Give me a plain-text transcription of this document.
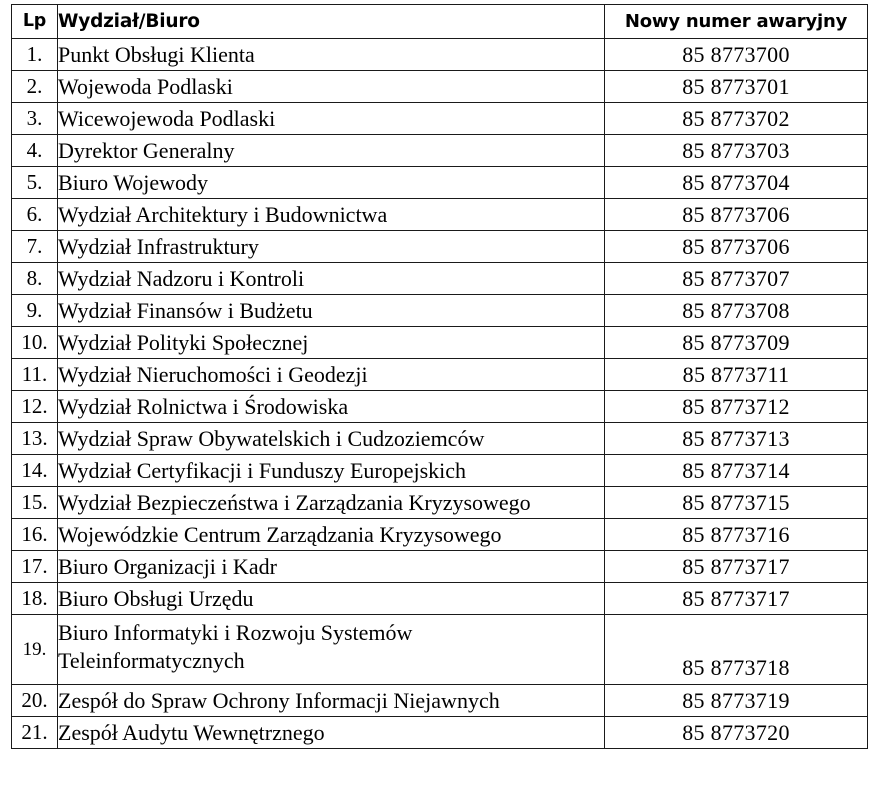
Lp	Wydział/Biuro	Nowy numer awaryjny
1.	Punkt Obsługi Klienta	85 8773700
2.	Wojewoda Podlaski	85 8773701
3.	Wicewojewoda Podlaski	85 8773702
4.	Dyrektor Generalny	85 8773703
5.	Biuro Wojewody	85 8773704
6.	Wydział Architektury i Budownictwa	85 8773706
7.	Wydział Infrastruktury	85 8773706
8.	Wydział Nadzoru i Kontroli	85 8773707
9.	Wydział Finansów i Budżetu	85 8773708
10.	Wydział Polityki Społecznej	85 8773709
11.	Wydział Nieruchomości i Geodezji	85 8773711
12.	Wydział Rolnictwa i Środowiska	85 8773712
13.	Wydział Spraw Obywatelskich i Cudzoziemców	85 8773713
14.	Wydział Certyfikacji i Funduszy Europejskich	85 8773714
15.	Wydział Bezpieczeństwa i Zarządzania Kryzysowego	85 8773715
16.	Wojewódzkie Centrum Zarządzania Kryzysowego	85 8773716
17.	Biuro Organizacji i Kadr	85 8773717
18.	Biuro Obsługi Urzędu	85 8773717
19.	Biuro Informatyki i Rozwoju Systemów
Teleinformatycznych	85 8773718
20.	Zespół do Spraw Ochrony Informacji Niejawnych	85 8773719
21.	Zespół Audytu Wewnętrznego	85 8773720
